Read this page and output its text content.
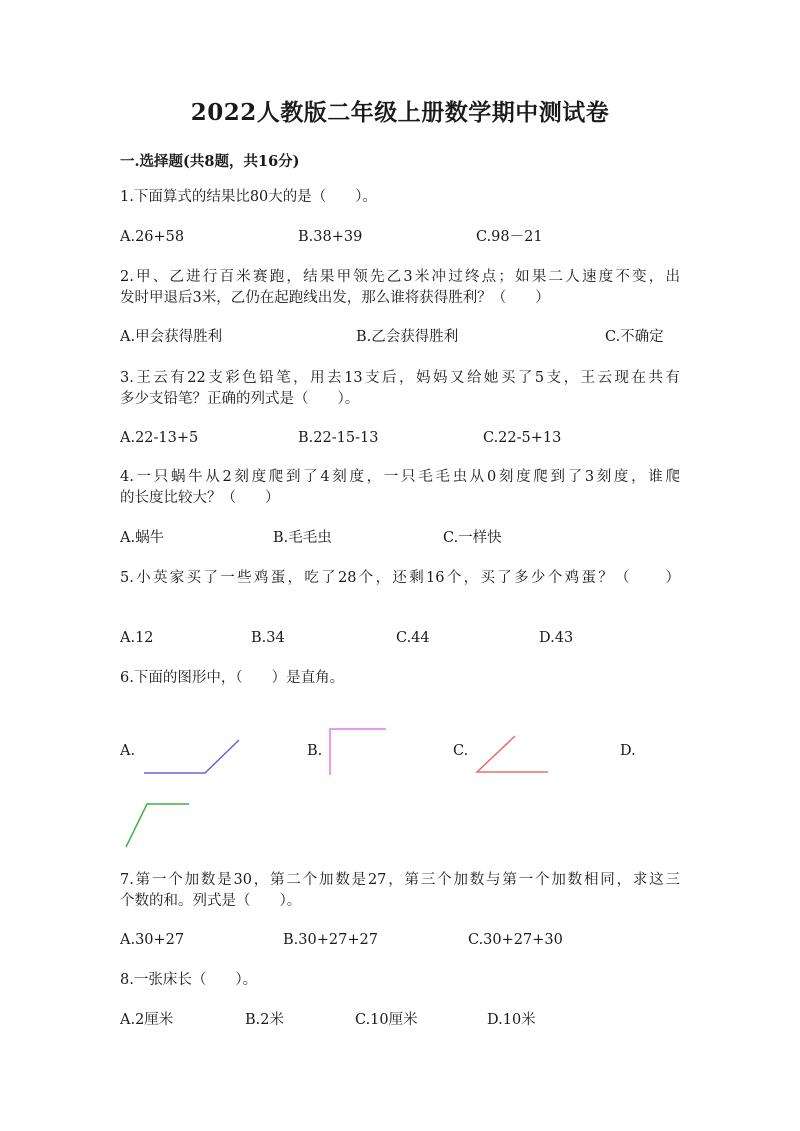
2022人教版二年级上册数学期中测试卷
一.选择题(共8题，共16分)
1.下面算式的结果比80大的是（　　）。
A.26+58	B.38+39	C.98－21
2.甲、乙进行百米赛跑，结果甲领先乙3米冲过终点；如果二人速度不变，出
发时甲退后3米，乙仍在起跑线出发，那么谁将获得胜利？（　　）
A.甲会获得胜利	B.乙会获得胜利	C.不确定
3.王云有22支彩色铅笔，用去13支后，妈妈又给她买了5支，王云现在共有
多少支铅笔？正确的列式是（　　）。
A.22-13+5	B.22-15-13	C.22-5+13
4.一只蜗牛从2刻度爬到了4刻度，一只毛毛虫从0刻度爬到了3刻度，谁爬
的长度比较大？（　　）
A.蜗牛	B.毛毛虫	C.一样快
5.小英家买了一些鸡蛋，吃了28个，还剩16个，买了多少个鸡蛋？（　　）
A.12	B.34	C.44	D.43
6.下面的图形中，（　　）是直角。
A.	B.	C.	D.
7.第一个加数是30，第二个加数是27，第三个加数与第一个加数相同，求这三
个数的和。列式是（　　）。
A.30+27	B.30+27+27	C.30+27+30
8.一张床长（　　）。
A.2厘米	B.2米	C.10厘米	D.10米
